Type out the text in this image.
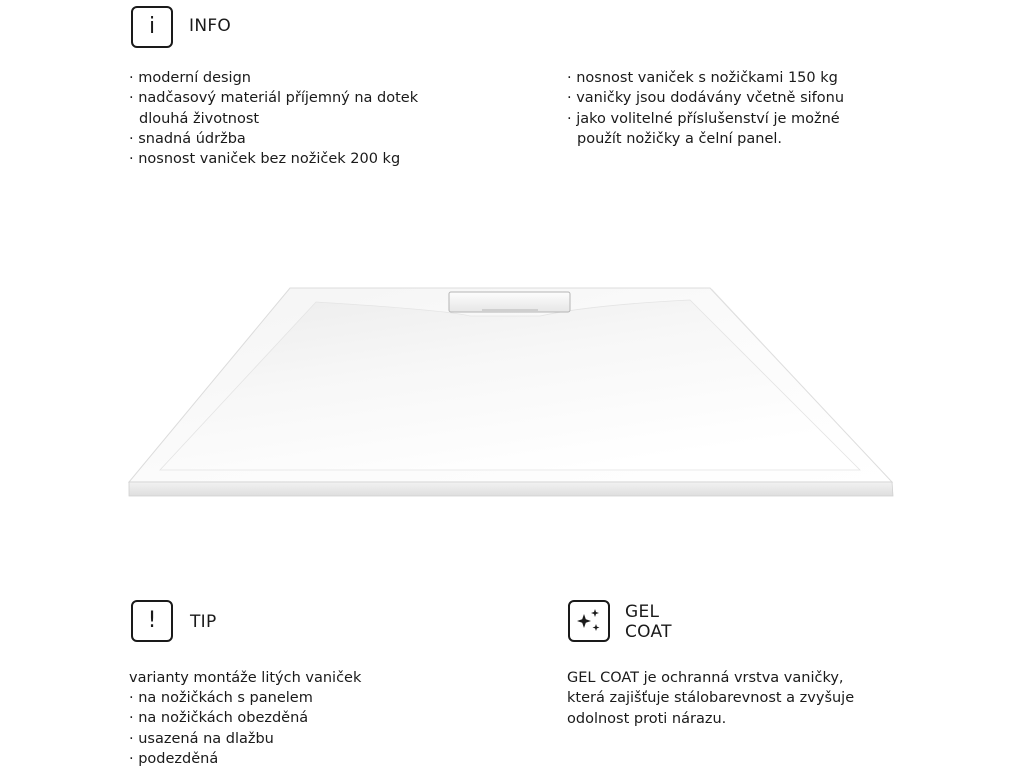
i INFO
· moderní design
· nadčasový materiál příjemný na dotek
dlouhá životnost
· snadná údržba
· nosnost vaniček bez nožiček 200 kg
· nosnost vaniček s nožičkami 150 kg
· vaničky jsou dodávány včetně sifonu
· jako volitelné příslušenství je možné
použít nožičky a čelní panel.
! TIP
varianty montáže litých vaniček
· na nožičkách s panelem
· na nožičkách obezděná
· usazená na dlažbu
· podezděná
GEL
COAT
GEL COAT je ochranná vrstva vaničky,
která zajišťuje stálobarevnost a zvyšuje
odolnost proti nárazu.
